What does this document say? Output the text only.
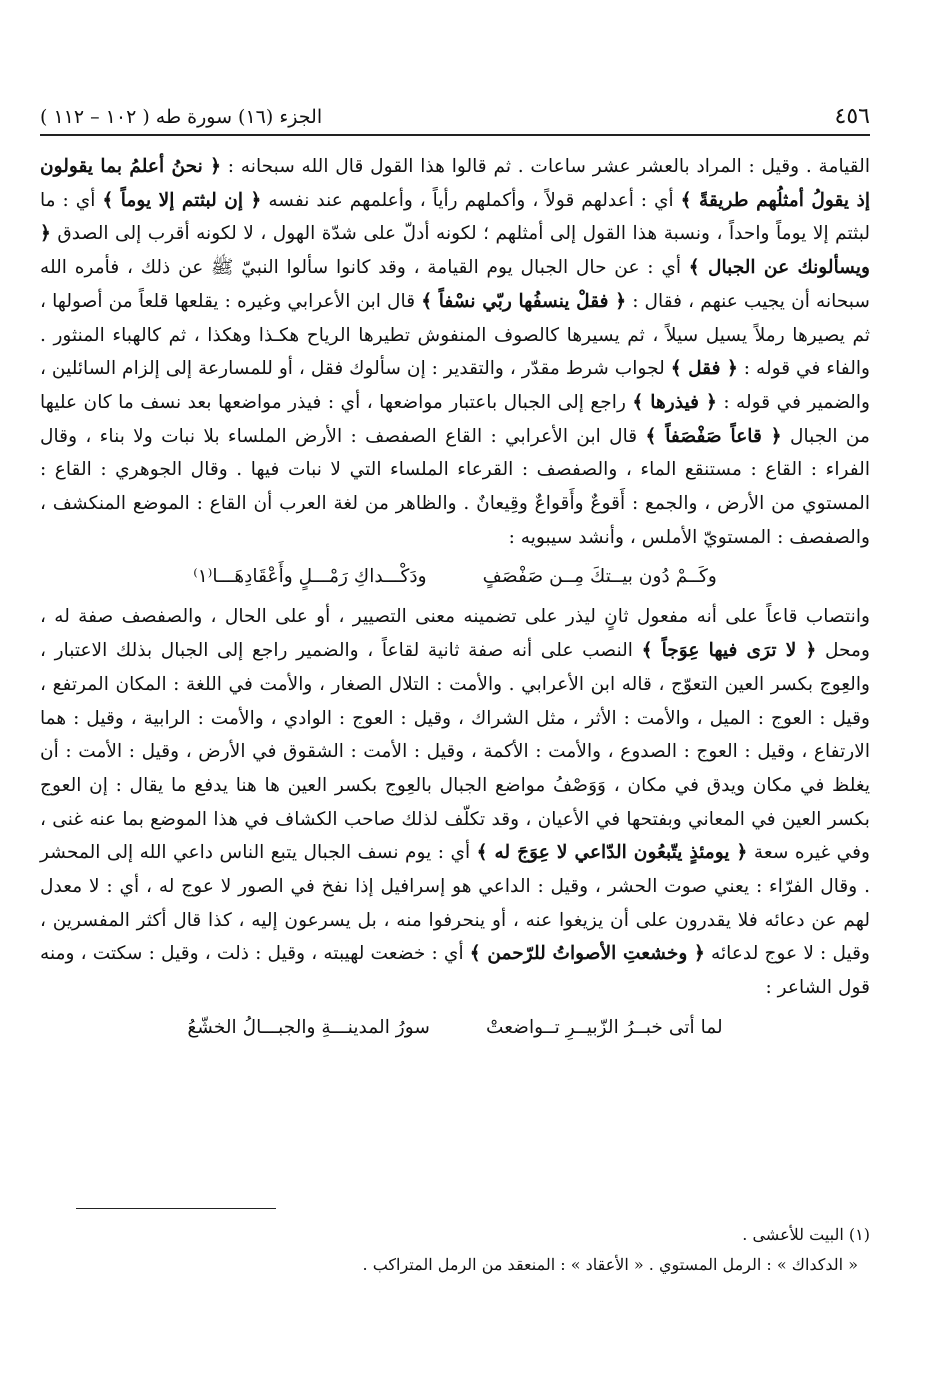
٤٥٦
الجزء (١٦) سورة طه ( ١٠٢ – ١١٢ )

القيامة . وقيل : المراد بالعشر عشر ساعات . ثم قالوا هذا القول قال الله سبحانه : ﴿ نحنُ أعلمُ بما يقولون إذ يقولُ أمثلُهم طريقةً ﴾ أي : أعدلهم قولاً ، وأكملهم رأياً ، وأعلمهم عند نفسه ﴿ إن لبثتم إلا يوماً ﴾ أي : ما لبثتم إلا يوماً واحداً ، ونسبة هذا القول إلى أمثلهم ؛ لكونه أدلّ على شدّة الهول ، لا لكونه أقرب إلى الصدق ﴿ ويسألونك عن الجبال ﴾ أي : عن حال الجبال يوم القيامة ، وقد كانوا سألوا النبيّ ﷺ عن ذلك ، فأمره الله سبحانه أن يجيب عنهم ، فقال : ﴿ فقلْ ينسفُها ربّي نسْفاً ﴾ قال ابن الأعرابي وغيره : يقلعها قلعاً من أصولها ، ثم يصيرها رملاً يسيل سيلاً ، ثم يسيرها كالصوف المنفوش تطيرها الرياح هكـذا وهكذا ، ثم كالهباء المنثور . والفاء في قوله : ﴿ فقل ﴾ لجواب شرط مقدّر ، والتقدير : إن سألوك فقل ، أو للمسارعة إلى إلزام السائلين ، والضمير في قوله : ﴿ فيذرها ﴾ راجع إلى الجبال باعتبار مواضعها ، أي : فيذر مواضعها بعد نسف ما كان عليها من الجبال ﴿ قاعاً صَفْصَفاً ﴾ قال ابن الأعرابي : القاع الصفصف : الأرض الملساء بلا نبات ولا بناء ، وقال الفراء : القاع : مستنقع الماء ، والصفصف : القرعاء الملساء التي لا نبات فيها . وقال الجوهري : القاع : المستوي من الأرض ، والجمع : أَقوعٌ وأَقواعٌ وقِيعانٌ . والظاهر من لغة العرب أن القاع : الموضع المنكشف ، والصفصف : المستويّ الأملس ، وأنشد سيبويه :

وكَــمْ دُون بيــتكَ مِــن صَفْصَفٍ
ودَكْـــداكِ رَمْـــلٍ وأَعْقَادِهَـــا⁽١⁾

وانتصاب قاعاً على أنه مفعول ثانٍ ليذر على تضمينه معنى التصيير ، أو على الحال ، والصفصف صفة له ، ومحل ﴿ لا ترَى فيها عِوَجاً ﴾ النصب على أنه صفة ثانية لقاعاً ، والضمير راجع إلى الجبال بذلك الاعتبار ، والعِوج بكسر العين التعوّج ، قاله ابن الأعرابي . والأمت : التلال الصغار ، والأمت في اللغة : المكان المرتفع ، وقيل : العوج : الميل ، والأمت : الأثر ، مثل الشراك ، وقيل : العوج : الوادي ، والأمت : الرابية ، وقيل : هما الارتفاع ، وقيل : العوج : الصدوع ، والأمت : الأكمة ، وقيل : الأمت : الشقوق في الأرض ، وقيل : الأمت : أن يغلظ في مكان ويدق في مكان ، وَوَصْفُ مواضع الجبال بالعِوج بكسر العين ها هنا يدفع ما يقال : إن العوج بكسر العين في المعاني وبفتحها في الأعيان ، وقد تكلّف لذلك صاحب الكشاف في هذا الموضع بما عنه غنى ، وفي غيره سعة ﴿ يومئذٍ يتّبعُون الدّاعي لا عِوَجَ له ﴾ أي : يوم نسف الجبال يتبع الناس داعي الله إلى المحشر . وقال الفرّاء : يعني صوت الحشر ، وقيل : الداعي هو إسرافيل إذا نفخ في الصور لا عوج له ، أي : لا معدل لهم عن دعائه فلا يقدرون على أن يزيغوا عنه ، أو ينحرفوا منه ، بل يسرعون إليه ، كذا قال أكثر المفسرين ، وقيل : لا عوج لدعائه ﴿ وخشعتِ الأصواتُ للرّحمن ﴾ أي : خضعت لهيبته ، وقيل : ذلت ، وقيل : سكتت ، ومنه قول الشاعر :

لما أتى خبــرُ الزّبيــرِ تــواضعتْ
سورُ المدينـــةِ والجبـــالُ الخشّعُ

(١) البيت للأعشى .

« الدكداك » : الرمل المستوي . « الأعقاد » : المنعقد من الرمل المتراكب .
